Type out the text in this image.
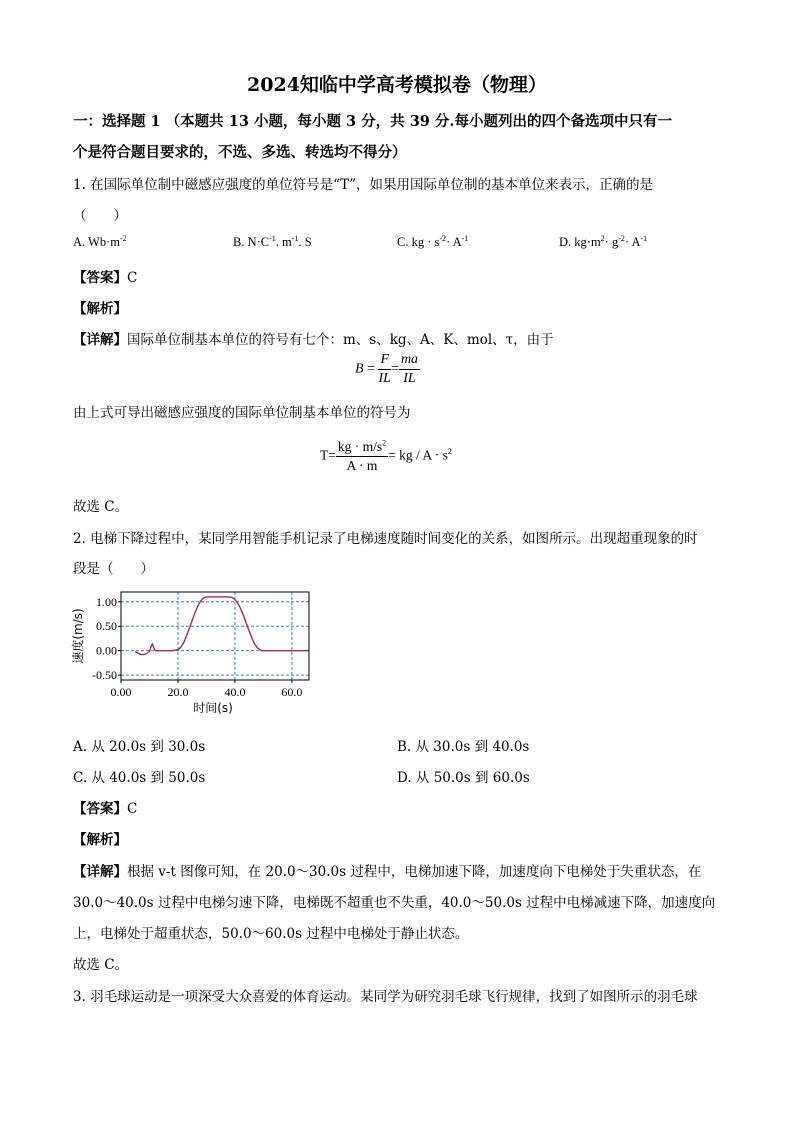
2024知临中学高考模拟卷（物理）
一：选择题 1 （本题共 13 小题，每小题 3 分，共 39 分.每小题列出的四个备选项中只有一
个是符合题目要求的，不选、多选、转选均不得分）
1. 在国际单位制中磁感应强度的单位符号是“T”，如果用国际单位制的基本单位来表示，正确的是
（　　）
A. $Wb\cdot m^{-2}$	B. $N\cdot C^{-1}$. $m^{-1}$. S	C. kg · $s^{-2}\cdot A^{-1}$	D. $kg\cdot m^2\cdot g^{-2}\cdot A^{-1}$
【答案】C
【解析】
【详解】国际单位制基本单位的符号有七个：m、s、kg、A、K、mol、τ，由于
$B = \frac{F}{IL} = \frac{ma}{IL}$
由上式可导出磁感应强度的国际单位制基本单位的符号为
$T= \frac{kg \cdot m/s^2}{A \cdot m}$ = kg / $A \cdot s^2$
故选 C。
2. 电梯下降过程中，某同学用智能手机记录了电梯速度随时间变化的关系，如图所示。出现超重现象的时
段是（　　）
1.00
0.50
0.00
-0.50
0.00	20.0	40.0	60.0
时间(s)
速度(m/s)
A. 从 20.0s 到 30.0s	B. 从 30.0s 到 40.0s
C. 从 40.0s 到 50.0s	D. 从 50.0s 到 60.0s
【答案】C
【解析】
【详解】根据 v-t 图像可知，在 20.0～30.0s 过程中，电梯加速下降，加速度向下电梯处于失重状态，在
30.0～40.0s 过程中电梯匀速下降，电梯既不超重也不失重，40.0～50.0s 过程中电梯减速下降，加速度向
上，电梯处于超重状态，50.0～60.0s 过程中电梯处于静止状态。
故选 C。
3. 羽毛球运动是一项深受大众喜爱的体育运动。某同学为研究羽毛球飞行规律，找到了如图所示的羽毛球
